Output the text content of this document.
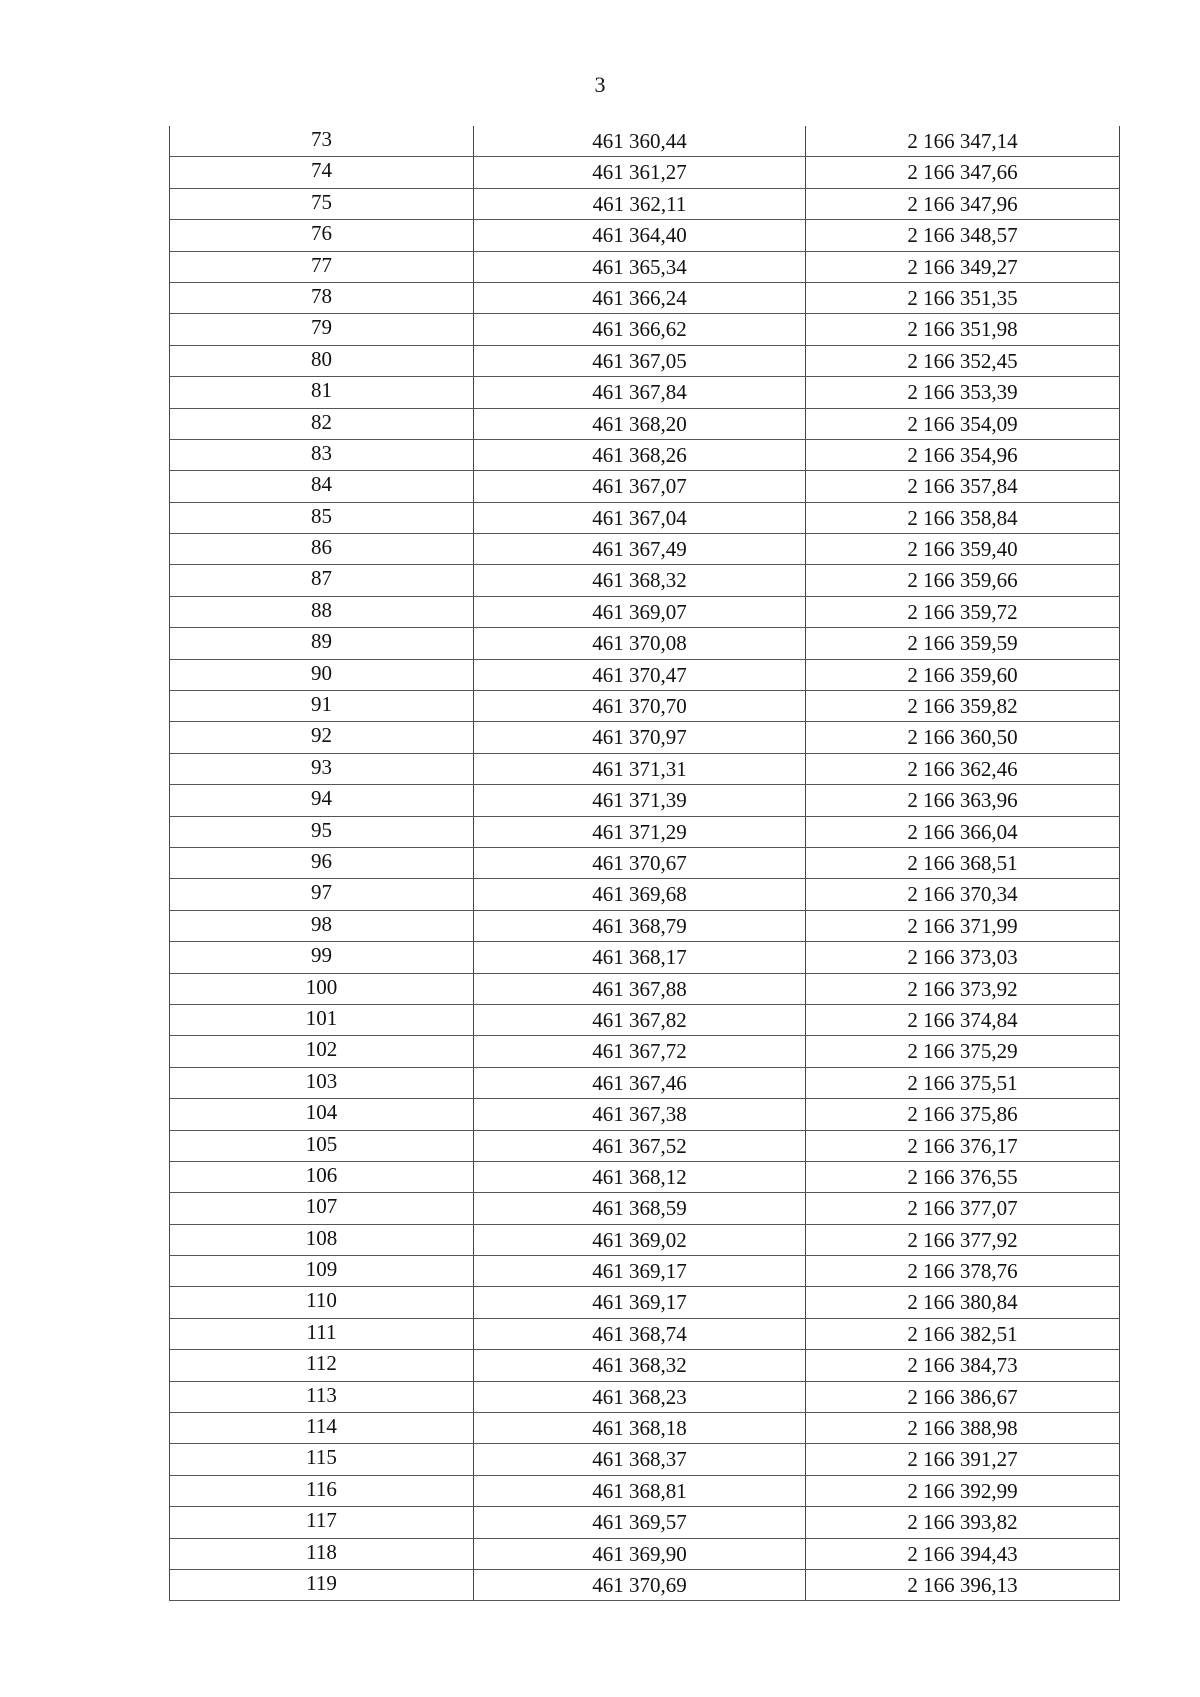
3
73	461 360,44	2 166 347,14
74	461 361,27	2 166 347,66
75	461 362,11	2 166 347,96
76	461 364,40	2 166 348,57
77	461 365,34	2 166 349,27
78	461 366,24	2 166 351,35
79	461 366,62	2 166 351,98
80	461 367,05	2 166 352,45
81	461 367,84	2 166 353,39
82	461 368,20	2 166 354,09
83	461 368,26	2 166 354,96
84	461 367,07	2 166 357,84
85	461 367,04	2 166 358,84
86	461 367,49	2 166 359,40
87	461 368,32	2 166 359,66
88	461 369,07	2 166 359,72
89	461 370,08	2 166 359,59
90	461 370,47	2 166 359,60
91	461 370,70	2 166 359,82
92	461 370,97	2 166 360,50
93	461 371,31	2 166 362,46
94	461 371,39	2 166 363,96
95	461 371,29	2 166 366,04
96	461 370,67	2 166 368,51
97	461 369,68	2 166 370,34
98	461 368,79	2 166 371,99
99	461 368,17	2 166 373,03
100	461 367,88	2 166 373,92
101	461 367,82	2 166 374,84
102	461 367,72	2 166 375,29
103	461 367,46	2 166 375,51
104	461 367,38	2 166 375,86
105	461 367,52	2 166 376,17
106	461 368,12	2 166 376,55
107	461 368,59	2 166 377,07
108	461 369,02	2 166 377,92
109	461 369,17	2 166 378,76
110	461 369,17	2 166 380,84
111	461 368,74	2 166 382,51
112	461 368,32	2 166 384,73
113	461 368,23	2 166 386,67
114	461 368,18	2 166 388,98
115	461 368,37	2 166 391,27
116	461 368,81	2 166 392,99
117	461 369,57	2 166 393,82
118	461 369,90	2 166 394,43
119	461 370,69	2 166 396,13
